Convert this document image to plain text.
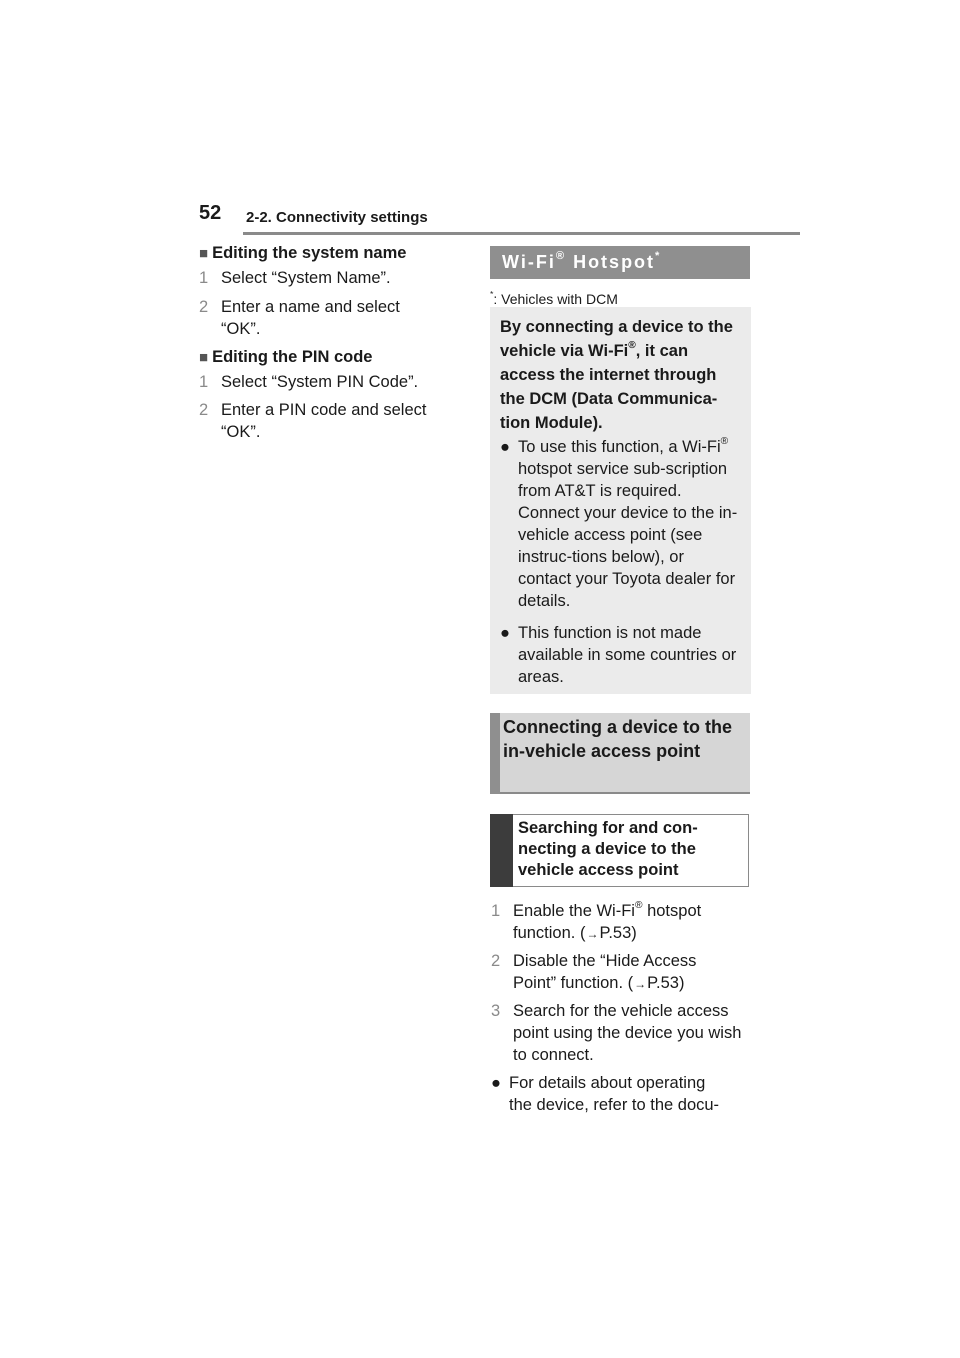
52 2-2. Connectivity settings
■ Editing the system name
1 Select “System Name”.
2 Enter a name and select “OK”.
■ Editing the PIN code
1 Select “System PIN Code”.
2 Enter a PIN code and select “OK”.
Wi-Fi® Hotspot*
*: Vehicles with DCM
By connecting a device to the vehicle via Wi-Fi®, it can access the internet through the DCM (Data Communica-tion Module).
● To use this function, a Wi-Fi® hotspot service sub-scription from AT&T is required. Connect your device to the in-vehicle access point (see instruc-tions below), or contact your Toyota dealer for details.
● This function is not made available in some countries or areas.
Connecting a device to the in-vehicle access point
Searching for and con-necting a device to the vehicle access point
1 Enable the Wi-Fi® hotspot function. (→P.53)
2 Disable the “Hide Access Point” function. (→P.53)
3 Search for the vehicle access point using the device you wish to connect.
● For details about operating the device, refer to the docu-
